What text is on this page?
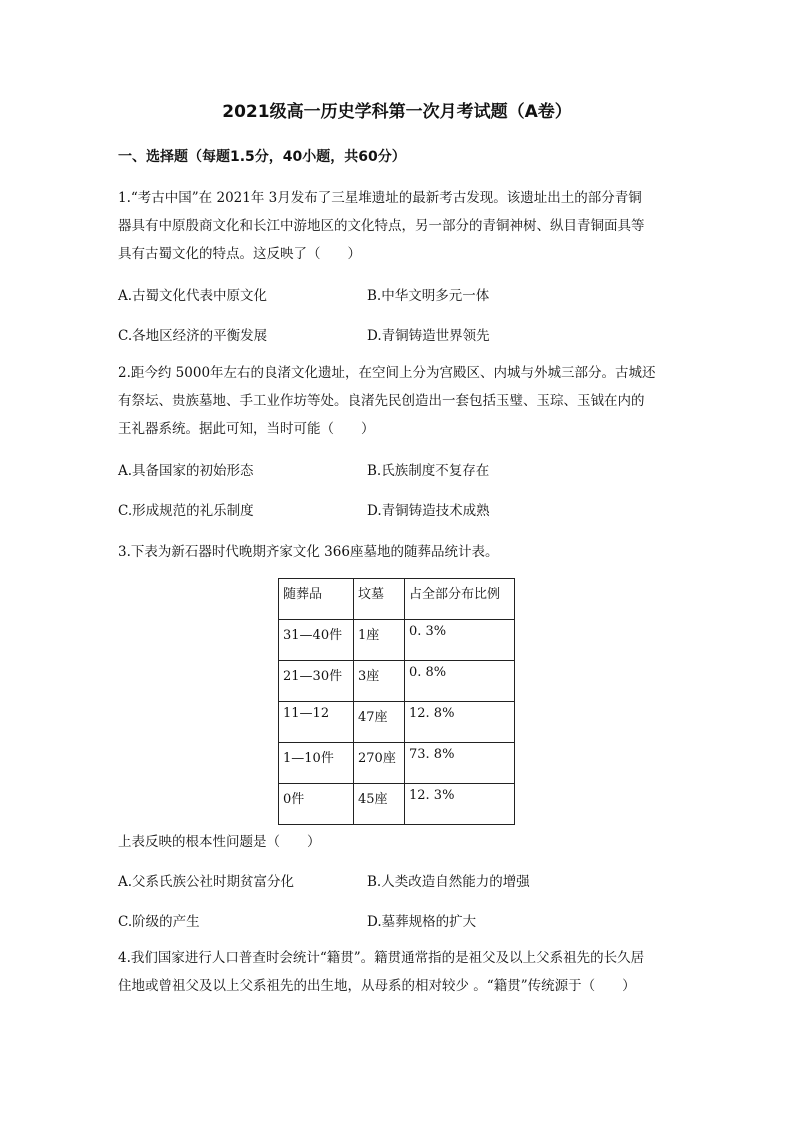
2021级高一历史学科第一次月考试题（A卷）
一、选择题（每题1.5分，40小题，共60分）
1.“考古中国”在 2021年 3月发布了三星堆遗址的最新考古发现。该遗址出土的部分青铜
器具有中原殷商文化和长江中游地区的文化特点，另一部分的青铜神树、纵目青铜面具等
具有古蜀文化的特点。这反映了（　　）
A.古蜀文化代表中原文化	B.中华文明多元一体
C.各地区经济的平衡发展	D.青铜铸造世界领先
2.距今约 5000年左右的良渚文化遗址，在空间上分为宫殿区、内城与外城三部分。古城还
有祭坛、贵族墓地、手工业作坊等处。良渚先民创造出一套包括玉璧、玉琮、玉钺在内的
王礼器系统。据此可知，当时可能（　　）
A.具备国家的初始形态	B.氏族制度不复存在
C.形成规范的礼乐制度	D.青铜铸造技术成熟
3.下表为新石器时代晚期齐家文化 366座墓地的随葬品统计表。
随葬品	坟墓	占全部分布比例
31—40件	1座	0. 3%
21—30件	3座	0. 8%
11—12	47座	12. 8%
1—10件	270座	73. 8%
0件	45座	12. 3%
上表反映的根本性问题是（　　）
A.父系氏族公社时期贫富分化	B.人类改造自然能力的增强
C.阶级的产生	D.墓葬规格的扩大
4.我们国家进行人口普查时会统计“籍贯”。籍贯通常指的是祖父及以上父系祖先的长久居
住地或曾祖父及以上父系祖先的出生地，从母系的相对较少 。“籍贯”传统源于（　　）
